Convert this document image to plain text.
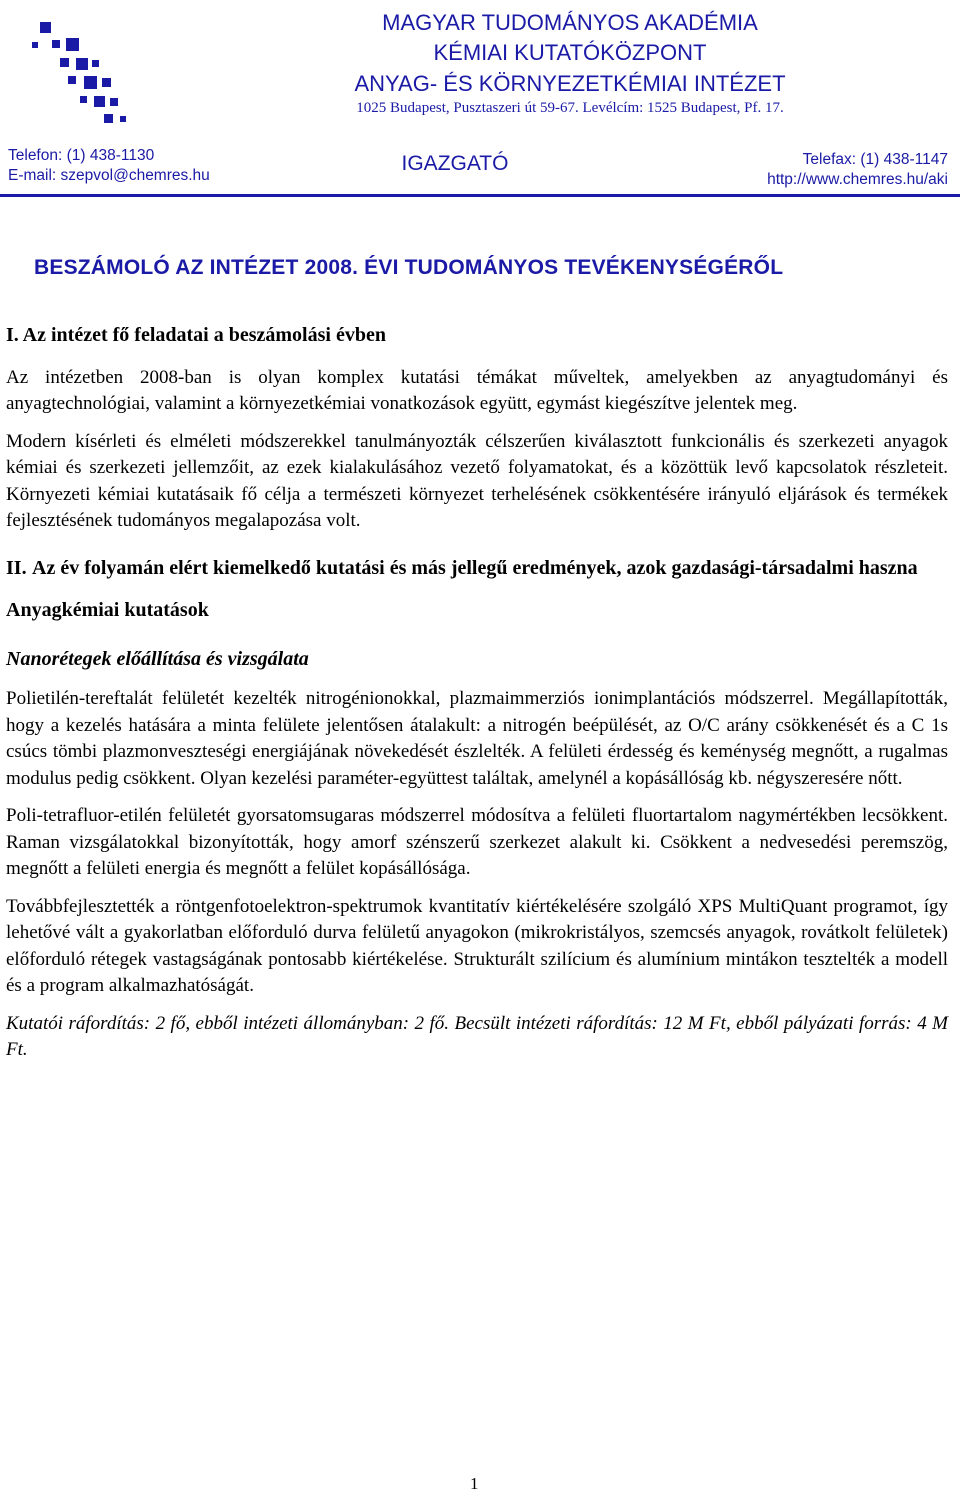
MAGYAR TUDOMÁNYOS AKADÉMIA
KÉMIAI KUTATÓKÖZPONT
ANYAG- ÉS KÖRNYEZETKÉMIAI INTÉZET
1025 Budapest, Pusztaszeri út 59-67. Levélcím: 1525 Budapest, Pf. 17.
Telefon: (1) 438-1130
E-mail: szepvol@chemres.hu
IGAZGATÓ	Telefax: (1) 438-1147
http://www.chemres.hu/aki
BESZÁMOLÓ AZ INTÉZET 2008. ÉVI TUDOMÁNYOS TEVÉKENYSÉGÉRŐL

I. Az intézet fő feladatai a beszámolási évben

Az intézetben 2008-ban is olyan komplex kutatási témákat műveltek, amelyekben az anyagtudományi és anyagtechnológiai, valamint a környezetkémiai vonatkozások együtt, egymást kiegészítve jelentek meg.

Modern kísérleti és elméleti módszerekkel tanulmányozták célszerűen kiválasztott funkcionális és szerkezeti anyagok kémiai és szerkezeti jellemzőit, az ezek kialakulásához vezető folyamatokat, és a közöttük levő kapcsolatok részleteit. Környezeti kémiai kutatásaik fő célja a természeti környezet terhelésének csökkentésére irányuló eljárások és termékek fejlesztésének tudományos megalapozása volt.

II. Az év folyamán elért kiemelkedő kutatási és más jellegű eredmények, azok gazdasági-társadalmi haszna

Anyagkémiai kutatások

Nanorétegek előállítása és vizsgálata

Polietilén-tereftalát felületét kezelték nitrogénionokkal, plazmaimmerziós ionimplantációs módszerrel. Megállapították, hogy a kezelés hatására a minta felülete jelentősen átalakult: a nitrogén beépülését, az O/C arány csökkenését és a C 1s csúcs tömbi plazmonveszteségi energiájának növekedését észlelték. A felületi érdesség és keménység megnőtt, a rugalmas modulus pedig csökkent. Olyan kezelési paraméter-együttest találtak, amelynél a kopásállóság kb. négyszeresére nőtt.

Poli-tetrafluor-etilén felületét gyorsatomsugaras módszerrel módosítva a felületi fluortartalom nagymértékben lecsökkent. Raman vizsgálatokkal bizonyították, hogy amorf szénszerű szerkezet alakult ki. Csökkent a nedvesedési peremszög, megnőtt a felületi energia és megnőtt a felület kopásállósága.

Továbbfejlesztették a röntgenfotoelektron-spektrumok kvantitatív kiértékelésére szolgáló XPS MultiQuant programot, így lehetővé vált a gyakorlatban előforduló durva felületű anyagokon (mikrokristályos, szemcsés anyagok, rovátkolt felületek) előforduló rétegek vastagságának pontosabb kiértékelése. Strukturált szilícium és alumínium mintákon tesztelték a modell és a program alkalmazhatóságát.

Kutatói ráfordítás: 2 fő, ebből intézeti állományban: 2 fő. Becsült intézeti ráfordítás: 12 M Ft, ebből pályázati forrás: 4 M Ft.

1
